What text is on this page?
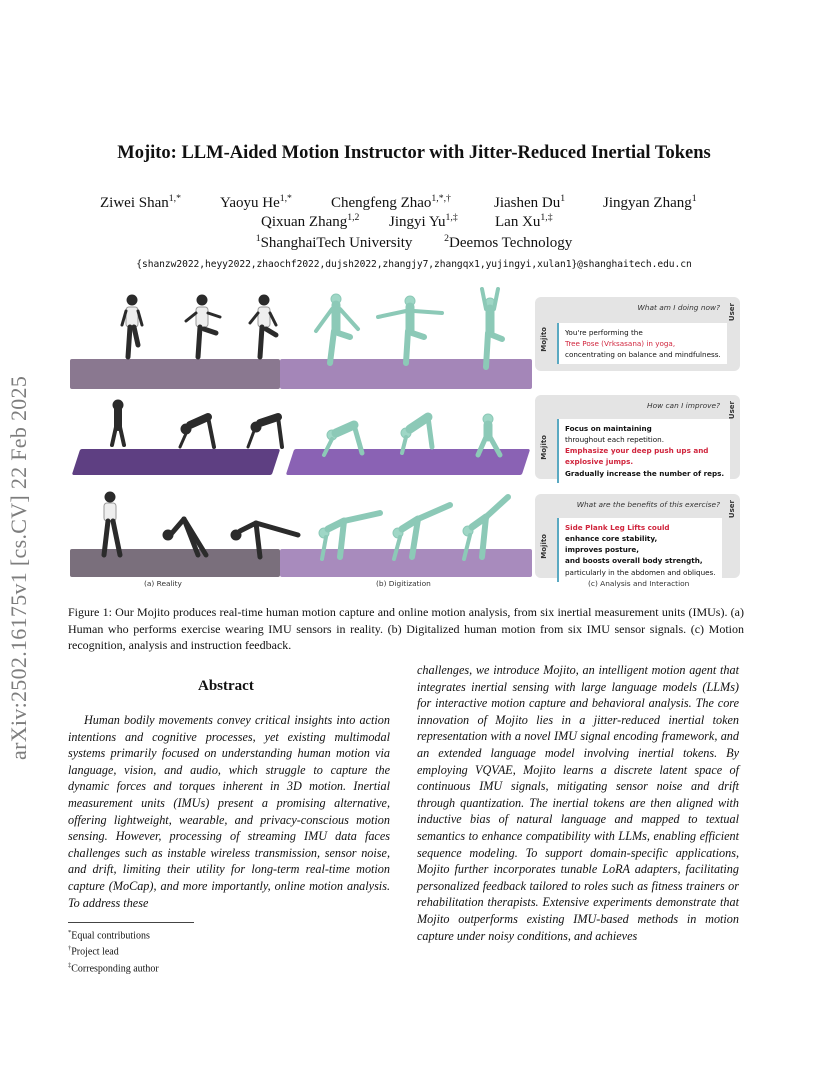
arXiv:2502.16175v1 [cs.CV] 22 Feb 2025
Mojito: LLM-Aided Motion Instructor with Jitter-Reduced Inertial Tokens
Ziwei Shan$^{1,*}$	Yaoyu $He^{1,*}$	Chengfeng Zhao$^{1,*,\dagger}$	Jiashen Du$^1$	Jingyan Zhang$^1$
Qixuan Zhang$^{1,2}$ Jingyi $Yu^{1,\ddagger}$ Lan $Xu^{1,\ddagger}$
$^1$ShanghaiTech University	$^2$Deemos Technology
{shanzw2022,heyy2022,zhaochf2022,dujsh2022,zhangjy7,zhangqx1,yujingyi,xulan1}@shanghaitech.edu.cn
What am I doing now? User
Mojito You're performing the
Tree Pose (Vrksasana) in yoga,
concentrating on balance and mindfulness.
How can I improve? User
Mojito
Focus on maintaining
throughout each repetition.
Emphasize your deep push ups and
explosive jumps.
Gradually increase the number of reps.
What are the benefits of this exercise? User
Mojito
Side Plank Leg Lifts could
enhance core stability,
improves posture,
and boosts overall body strength,
particularly in the abdomen and obliques.
(a) Reality	(b) Digitization	(c) Analysis and Interaction
Figure 1: Our Mojito produces real-time human motion capture and online motion analysis, from six inertial measurement units (IMUs). (a) Human who performs exercise wearing IMU sensors in reality. (b) Digitalized human motion from six IMU sensor signals. (c) Motion recognition, analysis and instruction feedback.
Abstract
Human bodily movements convey critical insights into action intentions and cognitive processes, yet existing multimodal systems primarily focused on understanding human motion via language, vision, and audio, which struggle to capture the dynamic forces and torques inherent in 3D motion. Inertial measurement units (IMUs) present a promising alternative, offering lightweight, wearable, and privacy-conscious motion sensing. However, processing of streaming IMU data faces challenges such as instable wireless transmission, sensor noise, and drift, limiting their utility for long-term real-time motion capture (MoCap), and more importantly, online motion analysis. To address these
challenges, we introduce Mojito, an intelligent motion agent that integrates inertial sensing with large language models (LLMs) for interactive motion capture and behavioral analysis. The core innovation of Mojito lies in a jitter-reduced inertial token representation with a novel IMU signal encoding framework, and an extended language model involving inertial tokens. By employing VQVAE, Mojito learns a discrete latent space of continuous IMU signals, mitigating sensor noise and drift through quantization. The inertial tokens are then aligned with inductive bias of natural language and mapped to textual semantics to enhance compatibility with LLMs, enabling efficient sequence modeling. To support domain-specific applications, Mojito further incorporates tunable LoRA adapters, facilitating personalized feedback tailored to roles such as fitness trainers or rehabilitation therapists. Extensive experiments demonstrate that Mojito outperforms existing IMU-based methods in motion capture under noisy conditions, and achieves
*Equal contributions
†Project lead
‡Corresponding author
